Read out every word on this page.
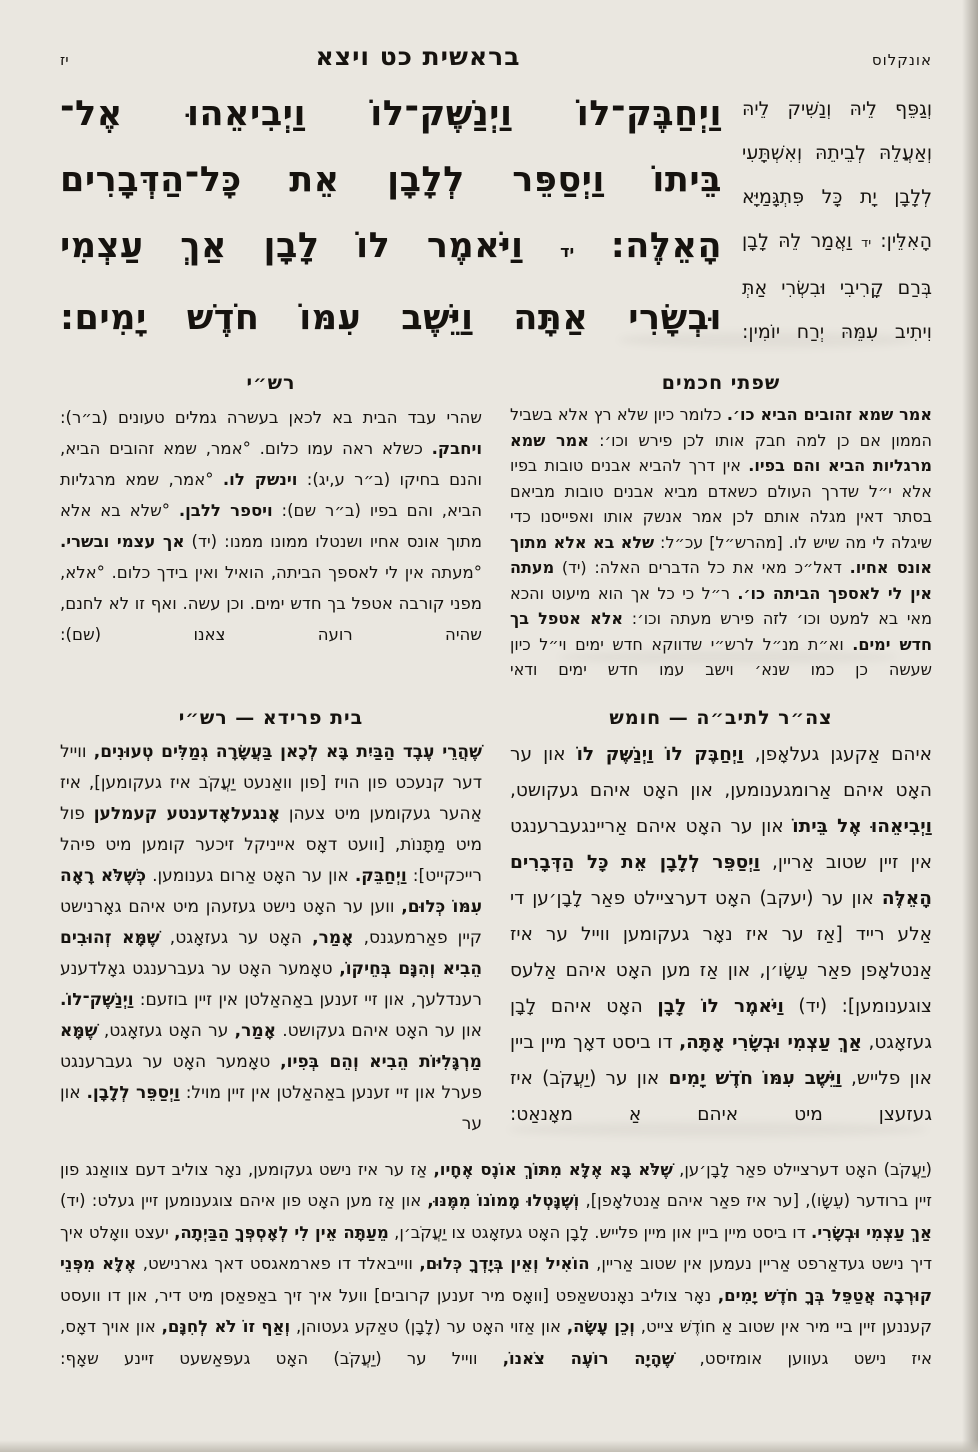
אונקלוס
בראשית כט ויצא
יז
וְגַפֵּף לֵיהּ וְנַשִּׁיק לֵיהּ
וְאַעֲלֵהּ לְבֵיתֵהּ וְאִשְׁתָּעִי
לְלָבָן יָת כָּל פִּתְגָּמַיָּא
הָאִלֵּין: יד וַאֲמַר לֵהּ לָבָן
בְּרַם קָרִיבִי וּבִשְׂרִי אַתְּ
וִיתִיב עִמֵּהּ יְרַח יוֹמִין:
וַיְחַבֶּק־לוֹ וַיְנַשֶּׁק־לוֹ וַיְבִיאֵהוּ אֶל־
בֵּיתוֹ וַיְסַפֵּר לְלָבָן אֵת כָּל־הַדְּבָרִים
הָאֵלֶּה: יד וַיֹּאמֶר לוֹ לָבָן אַךְ עַצְמִי
וּבְשָׂרִי אַתָּה וַיֵּשֶׁב עִמּוֹ חֹדֶשׁ יָמִים:
שפתי חכמים
אמר שמא זהובים הביא כו׳. כלומר כיון שלא רץ אלא בשביל הממון אם כן למה חבק אותו לכן פירש וכו׳: אמר שמא מרגליות הביא והם בפיו. אין דרך להביא אבנים טובות בפיו אלא י״ל שדרך העולם כשאדם מביא אבנים טובות מביאם בסתר דאין מגלה אותם לכן אמר אנשק אותו ואפייסנו כדי שיגלה לי מה שיש לו. [מהרש״ל] עכ״ל: שלא בא אלא מתוך אונס אחיו. דאל״כ מאי את כל הדברים האלה: (יד) מעתה אין לי לאספך הביתה כו׳. ר״ל כי כל אך הוא מיעוט והכא מאי בא למעט וכו׳ לזה פירש מעתה וכו׳: אלא אטפל בך חדש ימים. וא״ת מנ״ל לרש״י שדווקא חדש ימים וי״ל כיון שעשה כן כמו שנא׳ וישב עמו חדש ימים ודאי
רש״י
שהרי עבד הבית בא לכאן בעשרה גמלים טעונים (ב״ר): ויחבק. כשלא ראה עמו כלום. °אמר, שמא זהובים הביא, והנם בחיקו (ב״ר ע,יג): וינשק לו. °אמר, שמא מרגליות הביא, והם בפיו (ב״ר שם): ויספר ללבן. °שלא בא אלא מתוך אונס אחיו ושנטלו ממונו ממנו: (יד) אך עצמי ובשרי. °מעתה אין לי לאספך הביתה, הואיל ואין בידך כלום. °אלא, מפני קורבה אטפל בך חדש ימים. וכן עשה. ואף זו לא לחנם, שהיה רועה צאנו (שם):
צה״ר לתיב״ה — חומש
איהם אַקעגן געלאָפן, וַיְחַבֶּק לוֹ וַיְנַשֶּׁק לוֹ און ער האָט איהם אַרומגענומען, און האָט איהם געקושט, וַיְבִיאֵהוּ אֶל בֵּיתוֹ און ער האָט איהם אַריינגעברענגט אין זיין שטוב אַריין, וַיְסַפֵּר לְלָבָן אֵת כָּל הַדְּבָרִים הָאֵלֶּה און ער (יעקב) האָט דערציילט פאַר לָבָן׳ען די אַלע רייד [אַז ער איז נאָר געקומען ווייל ער איז אַנטלאָפן פאַר עֵשָׂו׳ן, און אַז מען האָט איהם אַלעס צוגענומען]: (יד) וַיֹּאמֶר לוֹ לָבָן האָט איהם לָבָן געזאָגט, אַךְ עַצְמִי וּבְשָׂרִי אָתָּה, דו ביסט דאָך מיין ביין און פלייש, וַיֵּשֶׁב עִמּוֹ חֹדֶשׁ יָמִים און ער (יַעֲקֹב) איז געזעצן מיט איהם אַ מאָנאַט:
בית פרידא — רש״י
שֶׁהֲרֵי עֶבֶד הַבַּיִת בָּא לְכָאן בַּעֲשָׂרָה גְמַלִּים טְעוּנִים, ווייל דער קנעכט פון הויז [פון וואַנעט יַעֲקֹב איז געקומען], איז אַהער געקומען מיט צעהן אָנגעלאָדענטע קעמלען פול מיט מַתָּנוֹת, [וועט דאָס אייניקל זיכער קומען מיט פיהל רייכקייט]: וַיְחַבֵּק. און ער האָט אַרום גענומען. כְּשֶׁלֹּא רָאָה עִמּוֹ כְּלוּם, ווען ער האָט נישט געזעהן מיט איהם גאָרנישט קיין פאַרמעגנס, אָמַר, האָט ער געזאָגט, שֶׁמָּא זְהוּבִים הֵבִיא וְהִנָּם בְּחֵיקוֹ, טאָמער האָט ער געברענגט גאָלדענע רענדלעך, און זיי זענען באַהאַלטן אין זיין בוזעם: וַיְנַשֶּׁק־לוֹ. און ער האָט איהם געקושט. אָמַר, ער האָט געזאָגט, שֶׁמָּא מַרְגָּלִיּוֹת הֵבִיא וְהֵם בְּפִיו, טאָמער האָט ער געברענגט פערל און זיי זענען באַהאַלטן אין זיין מויל: וַיְסַפֵּר לְלָבָן. און ער
(יַעֲקֹב) האָט דערציילט פאַר לָבָן׳ען, שֶׁלֹּא בָּא אֶלָּא מִתּוֹךְ אוֹנֶס אֶחָיו, אַז ער איז נישט געקומען, נאָר צוליב דעם צוואַנג פון זיין ברודער (עֵשָׂו), [ער איז פאַר איהם אַנטלאָפן], וְשֶׁנָּטְלוּ מָמוֹנוֹ מִמֶּנּוּ, און אַז מען האָט פון איהם צוגענומען זיין געלט: (יד) אַךְ עַצְמִי וּבְשָׂרִי. דו ביסט מיין ביין און מיין פלייש. לָבָן האָט געזאָגט צו יַעֲקֹב׳ן, מֵעַתָּה אֵין לִי לְאָסְפְּךָ הַבַּיְתָה, יעצט וואָלט איך דיך נישט געדאַרפט אַריין נעמען אין שטוב אַריין, הוֹאִיל וְאֵין בְּיָדְךָ כְּלוּם, ווייבאלד דו פארמאגסט דאך גארנישט, אֶלָּא מִפְּנֵי קוּרְבָה אֲטַפֵּל בְּךָ חֹדֶשׁ יָמִים, נאָר צוליב נאָנטשאַפט [וואָס מיר זענען קרובים] וועל איך זיך באַפאַסן מיט דיר, און דו וועסט קעננען זיין ביי מיר אין שטוב אַ חוֹדֶשׁ צייט, וְכֵן עָשָׂה, און אַזוי האָט ער (לָבָן) טאַקע געטוהן, וְאַף זוֹ לֹא לְחִנָּם, און אויך דאָס, איז נישט געווען אומזיסט, שֶׁהָיָה רוֹעֶה צֹאנוֹ, ווייל ער (יַעֲקֹב) האָט געפּאַשעט זיינע שאָף:
